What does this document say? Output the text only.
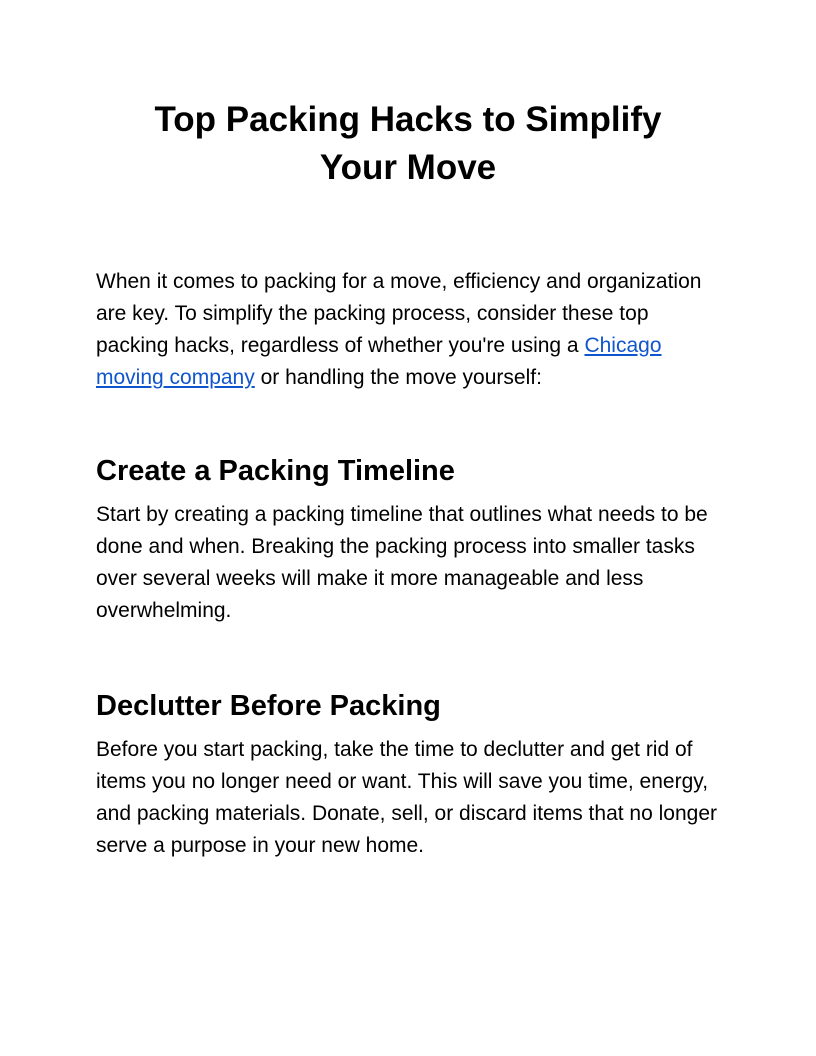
Top Packing Hacks to Simplify Your Move

When it comes to packing for a move, efficiency and organization are key. To simplify the packing process, consider these top packing hacks, regardless of whether you're using a Chicago moving company or handling the move yourself:

Create a Packing Timeline

Start by creating a packing timeline that outlines what needs to be done and when. Breaking the packing process into smaller tasks over several weeks will make it more manageable and less overwhelming.

Declutter Before Packing

Before you start packing, take the time to declutter and get rid of items you no longer need or want. This will save you time, energy, and packing materials. Donate, sell, or discard items that no longer serve a purpose in your new home.
